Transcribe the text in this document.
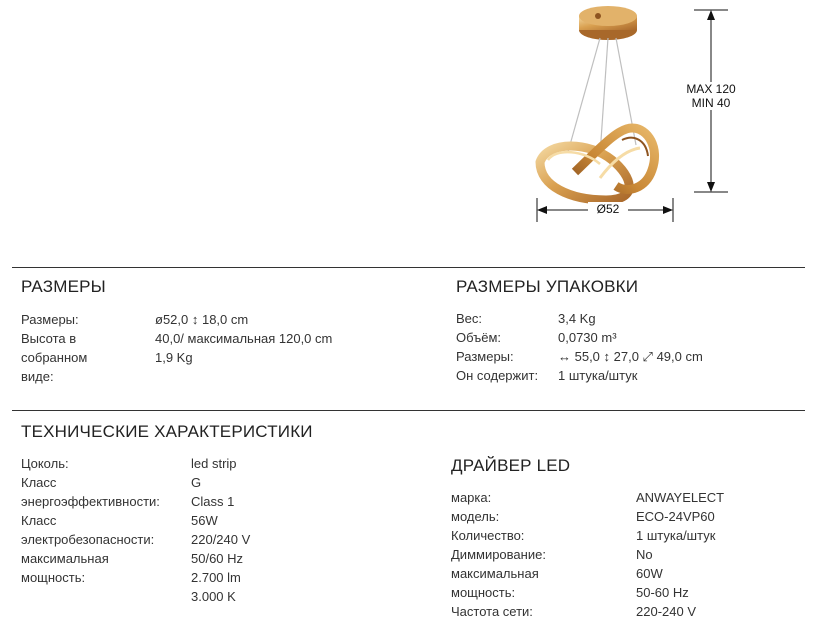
MAX 120
MIN 40
Ø52
РАЗМЕРЫ
Размеры:	ø52,0 ↕ 18,0 cm
Высота в	40,0/ максимальная 120,0 cm
собранном	1,9 Kg
виде:
РАЗМЕРЫ УПАКОВКИ
Вес:	3,4 Kg
Объём:	0,0730 m³
Размеры:	↔ 55,0 ↕ 27,0 ⤢ 49,0 cm
Он содержит: 1 штука/штук
ТЕХНИЧЕСКИЕ ХАРАКТЕРИСТИКИ
Цоколь:	led strip
Класс	G
энергоэффективности: Class 1
Класс	56W
электробезопасности:	220/240 V
максимальная	50/60 Hz
мощность:	2.700 lm
3.000 K
ДРАЙВЕР LED
марка:	ANWAYELECT
модель:	ECO-24VP60
Количество:	1 штука/штук
Диммирование:	No
максимальная	60W
мощность:	50-60 Hz
Частота сети:	220-240 V
